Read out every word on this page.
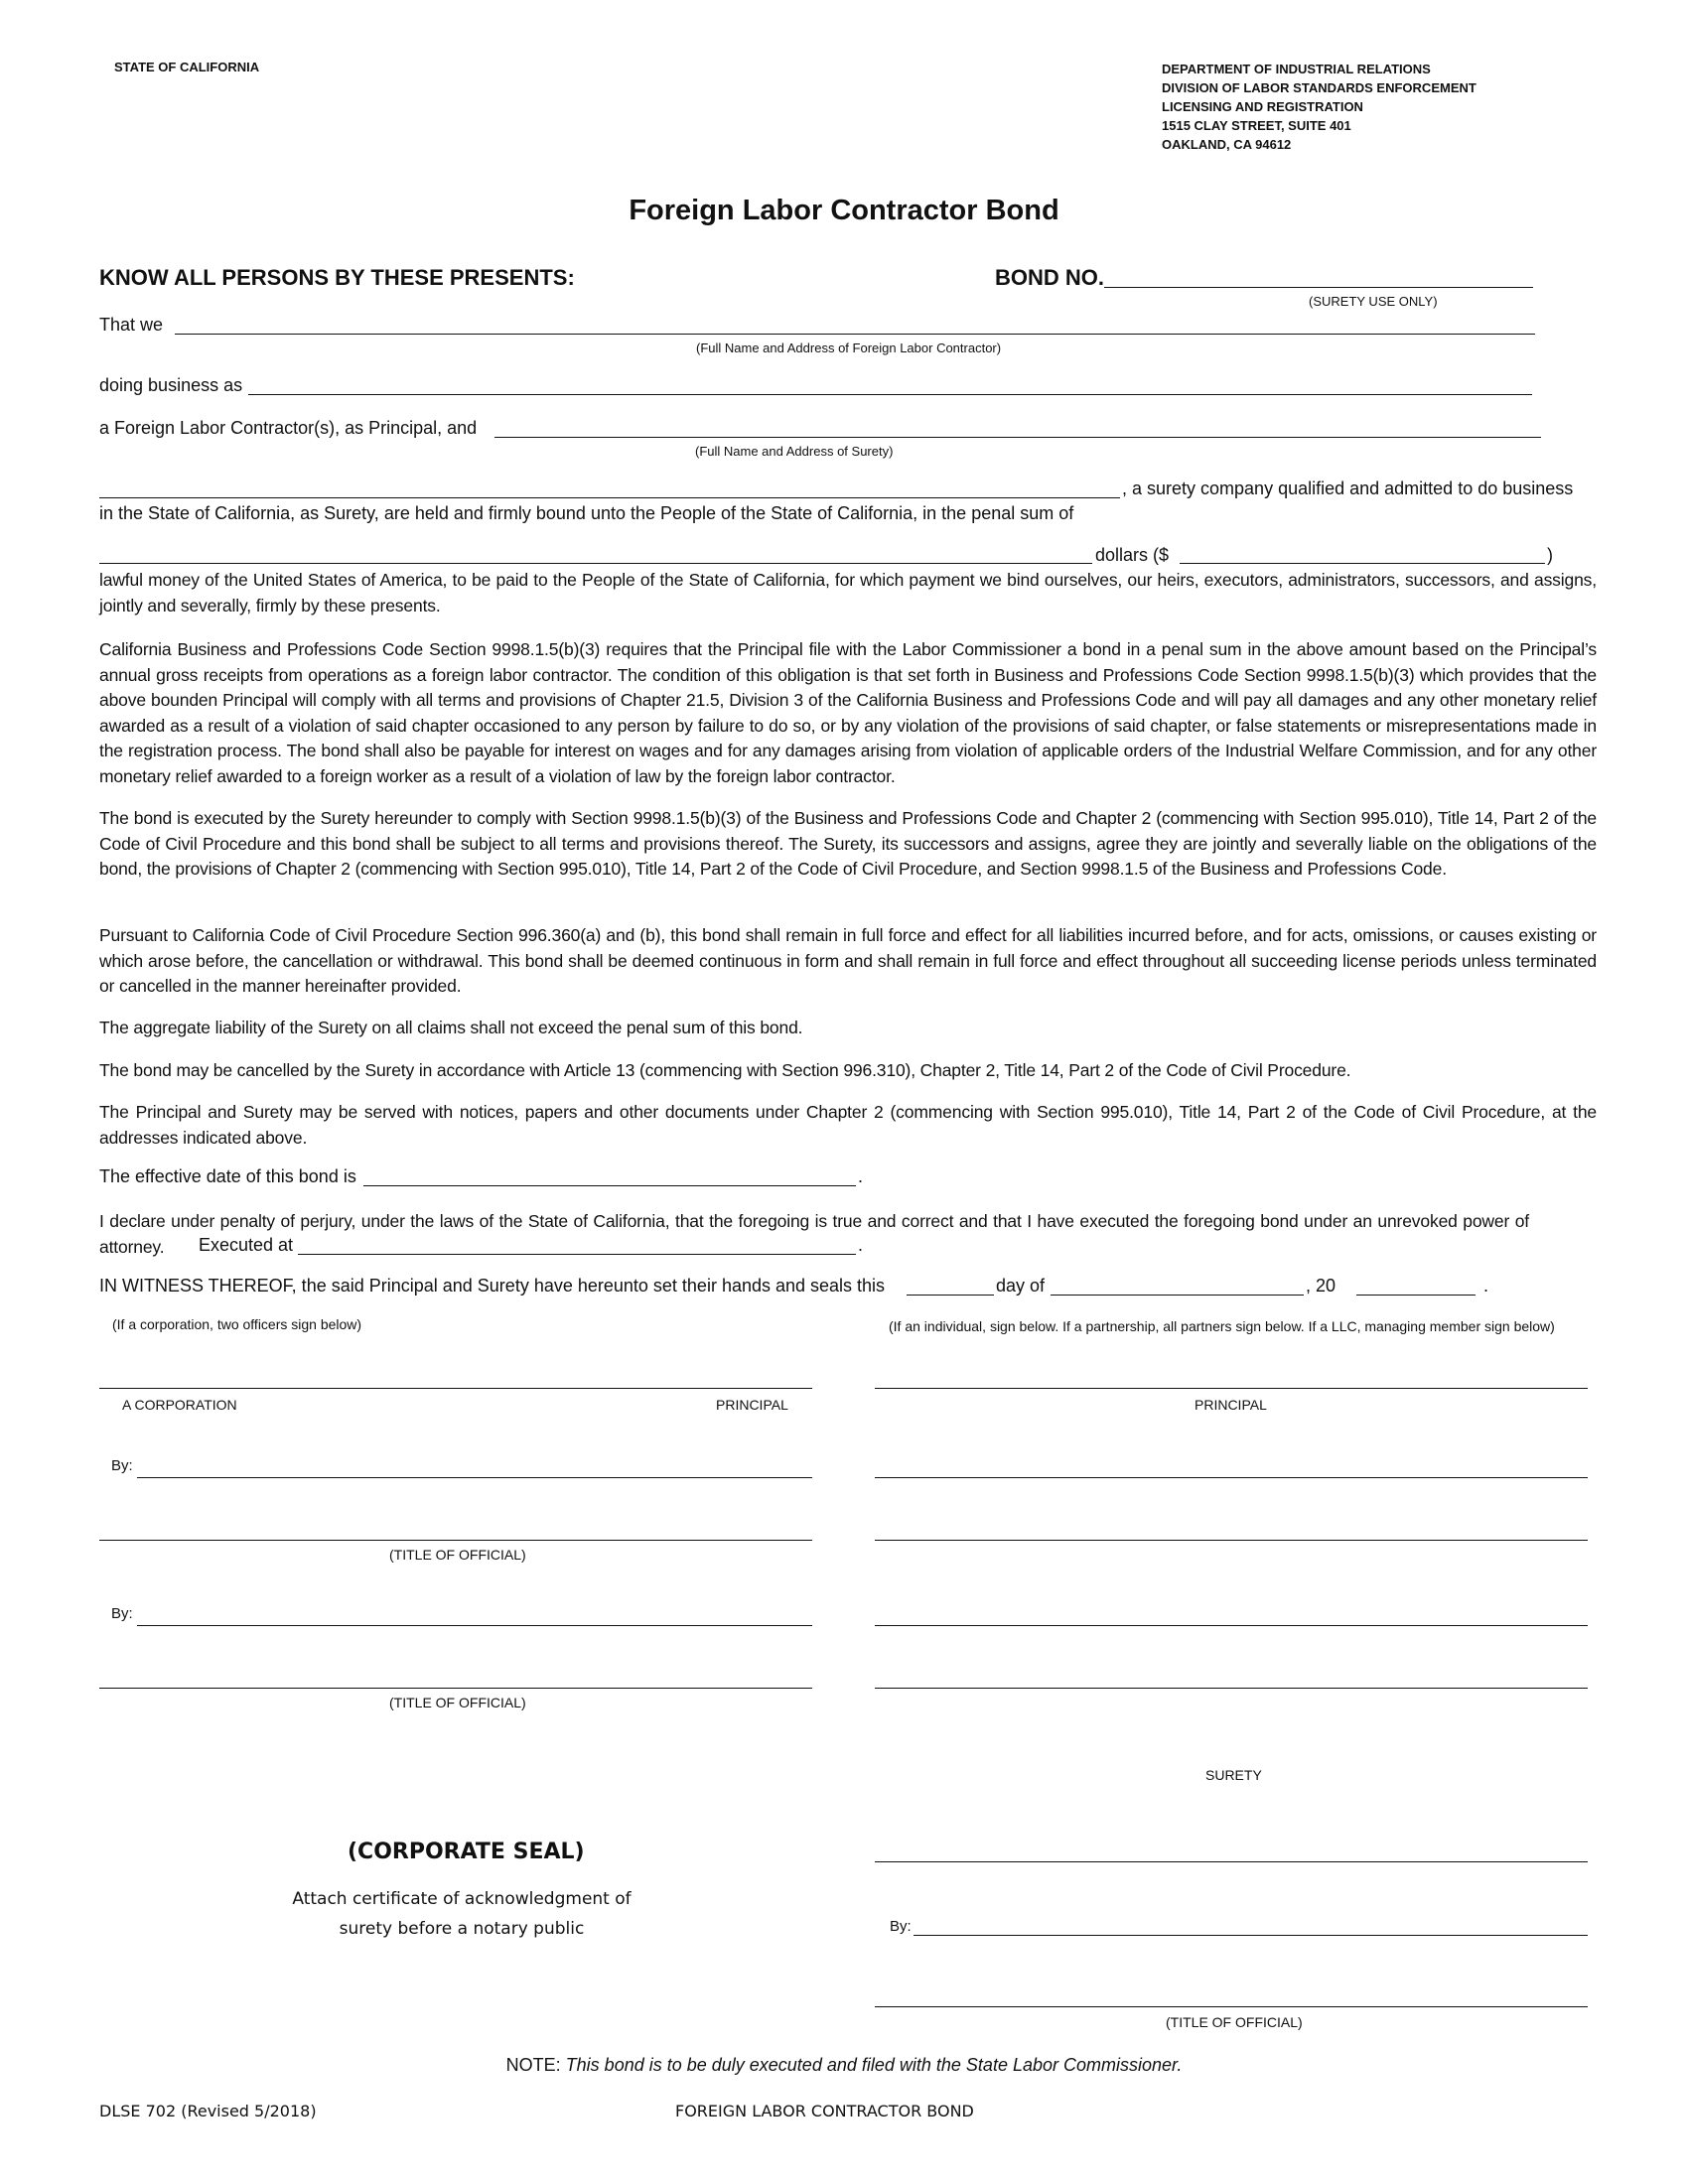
STATE OF CALIFORNIA	DEPARTMENT OF INDUSTRIAL RELATIONS
DIVISION OF LABOR STANDARDS ENFORCEMENT
LICENSING AND REGISTRATION
1515 CLAY STREET, SUITE 401
OAKLAND, CA 94612
Foreign Labor Contractor Bond
KNOW ALL PERSONS BY THESE PRESENTS:	BOND NO.
(SURETY USE ONLY)
That we
(Full Name and Address of Foreign Labor Contractor)
doing business as
a Foreign Labor Contractor(s), as Principal, and
(Full Name and Address of Surety)
, a surety company qualified and admitted to do business
in the State of California, as Surety, are held and firmly bound unto the People of the State of California, in the penal sum of
dollars ($	)
lawful money of the United States of America, to be paid to the People of the State of California, for which payment we bind ourselves, our heirs, executors, administrators, successors, and assigns, jointly and severally, firmly by these presents.
California Business and Professions Code Section 9998.1.5(b)(3) requires that the Principal file with the Labor Commissioner a bond in a penal sum in the above amount based on the Principal’s annual gross receipts from operations as a foreign labor contractor. The condition of this obligation is that set forth in Business and Professions Code Section 9998.1.5(b)(3) which provides that the above bounden Principal will comply with all terms and provisions of Chapter 21.5, Division 3 of the California Business and Professions Code and will pay all damages and any other monetary relief awarded as a result of a violation of said chapter occasioned to any person by failure to do so, or by any violation of the provisions of said chapter, or false statements or misrepresentations made in the registration process. The bond shall also be payable for interest on wages and for any damages arising from violation of applicable orders of the Industrial Welfare Commission, and for any other monetary relief awarded to a foreign worker as a result of a violation of law by the foreign labor contractor.
The bond is executed by the Surety hereunder to comply with Section 9998.1.5(b)(3) of the Business and Professions Code and Chapter 2 (commencing with Section 995.010), Title 14, Part 2 of the Code of Civil Procedure and this bond shall be subject to all terms and provisions thereof. The Surety, its successors and assigns, agree they are jointly and severally liable on the obligations of the bond, the provisions of Chapter 2 (commencing with Section 995.010), Title 14, Part 2 of the Code of Civil Procedure, and Section 9998.1.5 of the Business and Professions Code.
Pursuant to California Code of Civil Procedure Section 996.360(a) and (b), this bond shall remain in full force and effect for all liabilities incurred before, and for acts, omissions, or causes existing or which arose before, the cancellation or withdrawal. This bond shall be deemed continuous in form and shall remain in full force and effect throughout all succeeding license periods unless terminated or cancelled in the manner hereinafter provided.
The aggregate liability of the Surety on all claims shall not exceed the penal sum of this bond.
The bond may be cancelled by the Surety in accordance with Article 13 (commencing with Section 996.310), Chapter 2, Title 14, Part 2 of the Code of Civil Procedure.
The Principal and Surety may be served with notices, papers and other documents under Chapter 2 (commencing with Section 995.010), Title 14, Part 2 of the Code of Civil Procedure, at the addresses indicated above.
The effective date of this bond is	.
I declare under penalty of perjury, under the laws of the State of California, that the foregoing is true and correct and that I have executed the foregoing bond under an unrevoked power of attorney.	Executed at	.
IN WITNESS THEREOF, the said Principal and Surety have hereunto set their hands and seals this	day of	, 20	.
(If a corporation, two officers sign below)	(If an individual, sign below. If a partnership, all partners sign below. If a LLC, managing member sign below)
A CORPORATION	PRINCIPAL
By:
(TITLE OF OFFICIAL)
By:
(TITLE OF OFFICIAL)
(CORPORATE SEAL)
Attach certificate of acknowledgment of
surety before a notary public
PRINCIPAL
SURETY
By:
(TITLE OF OFFICIAL)
NOTE: This bond is to be duly executed and filed with the State Labor Commissioner.
DLSE 702 (Revised 5/2018)	FOREIGN LABOR CONTRACTOR BOND
